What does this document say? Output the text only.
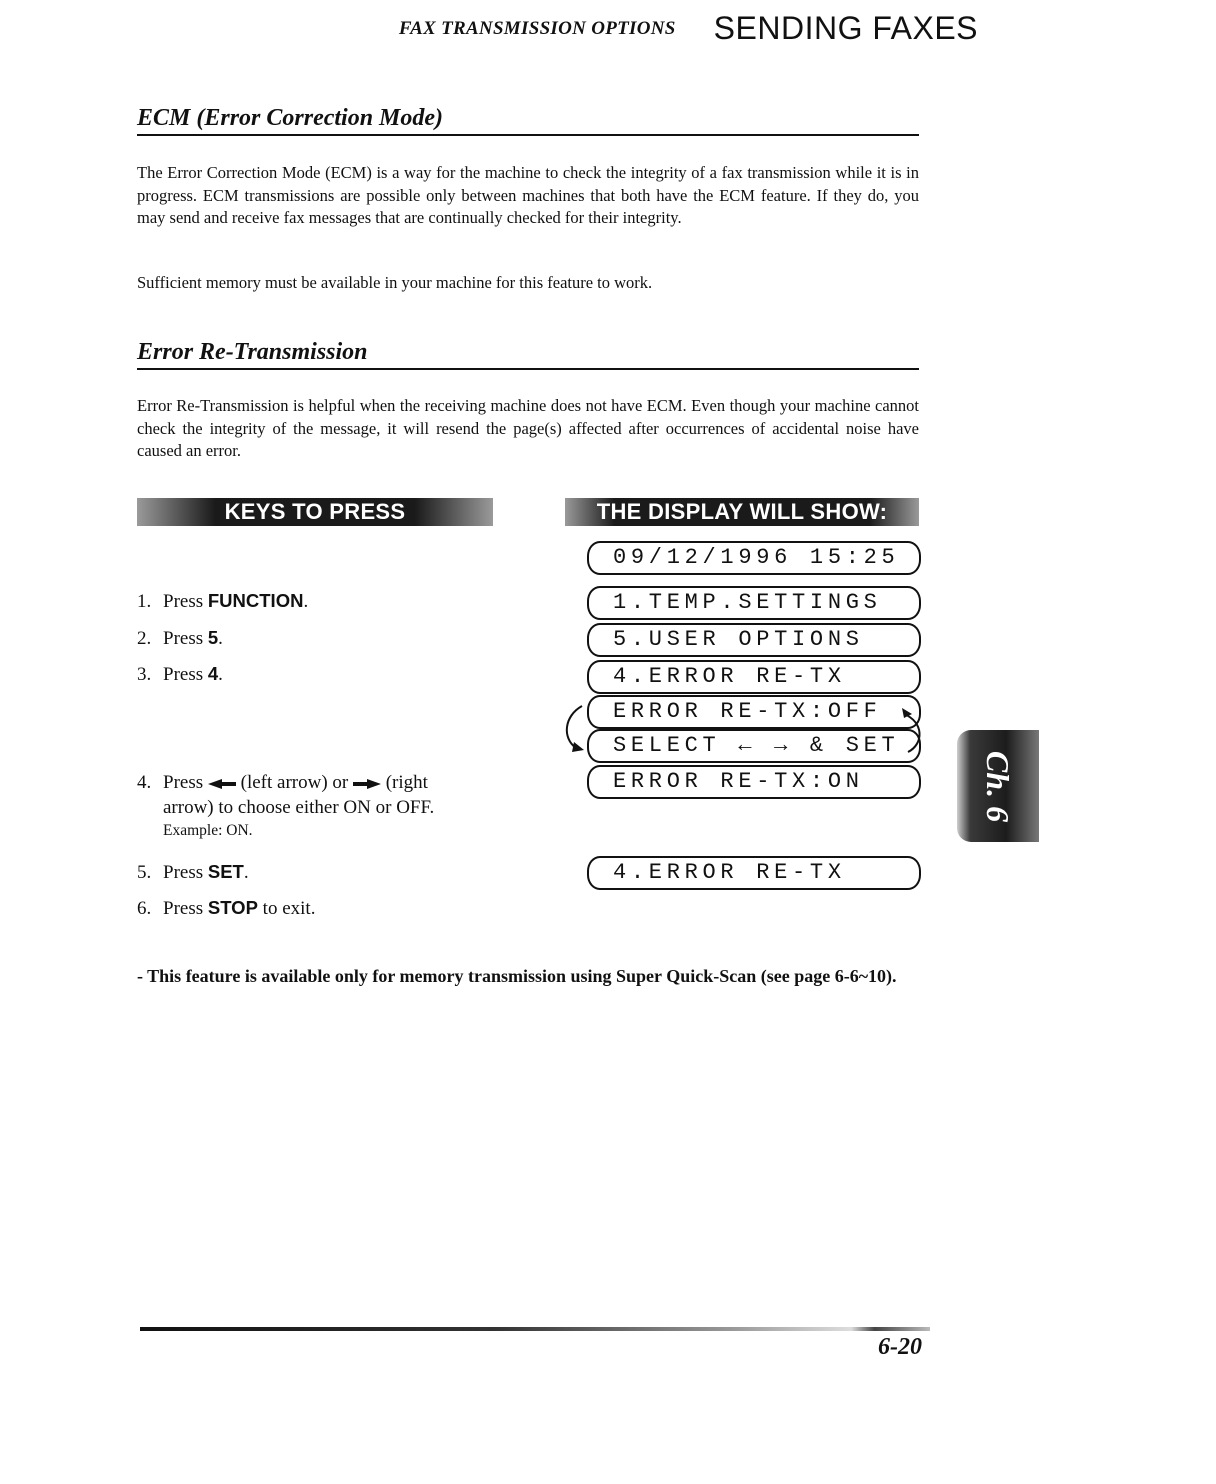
FAX TRANSMISSION OPTIONS SENDING FAXES
ECM (Error Correction Mode)

The Error Correction Mode (ECM) is a way for the machine to check the integrity of a fax transmission while it is in progress. ECM transmissions are possible only between machines that both have the ECM feature. If they do, you may send and receive fax messages that are continually checked for their integrity.

Sufficient memory must be available in your machine for this feature to work.

Error Re-Transmission

Error Re-Transmission is helpful when the receiving machine does not have ECM. Even though your machine cannot check the integrity of the message, it will resend the page(s) affected after occurrences of accidental noise have caused an error.

KEYS TO PRESS	THE DISPLAY WILL SHOW:
1. Press FUNCTION.
2. Press 5.
3. Press 4.
4. Press  (left arrow) or  (right
arrow) to choose either ON or OFF.
Example: ON.
5. Press SET.
6. Press STOP to exit.
09/12/1996 15:25
1.TEMP.SETTINGS
5.USER OPTIONS
4.ERROR RE-TX
ERROR RE-TX:OFF
SELECT ← → & SET
ERROR RE-TX:ON
4.ERROR RE-TX
- This feature is available only for memory transmission using Super Quick-Scan (see page 6-6~10).
Ch. 6
6-20
